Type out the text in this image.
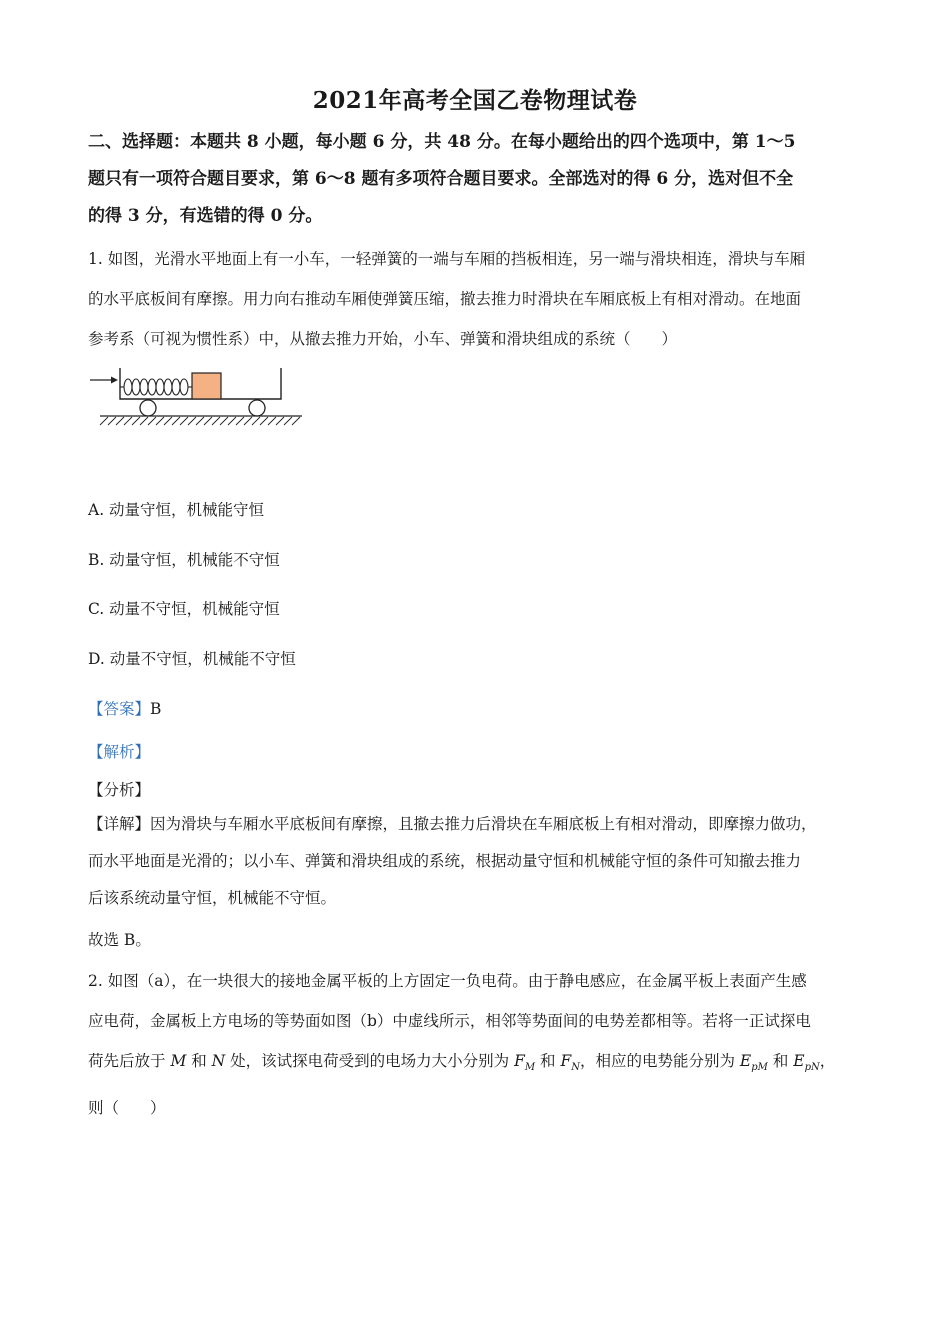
2021年高考全国乙卷物理试卷
二、选择题：本题共 8 小题，每小题 6 分，共 48 分。在每小题给出的四个选项中，第 1～5
题只有一项符合题目要求，第 6～8 题有多项符合题目要求。全部选对的得 6 分，选对但不全
的得 3 分，有选错的得 0 分。
1. 如图，光滑水平地面上有一小车，一轻弹簧的一端与车厢的挡板相连，另一端与滑块相连，滑块与车厢
的水平底板间有摩擦。用力向右推动车厢使弹簧压缩，撤去推力时滑块在车厢底板上有相对滑动。在地面
参考系（可视为惯性系）中，从撤去推力开始，小车、弹簧和滑块组成的系统（　　）
A. 动量守恒，机械能守恒
B. 动量守恒，机械能不守恒
C. 动量不守恒，机械能守恒
D. 动量不守恒，机械能不守恒
【答案】B
【解析】
【分析】
【详解】因为滑块与车厢水平底板间有摩擦，且撤去推力后滑块在车厢底板上有相对滑动，即摩擦力做功，
而水平地面是光滑的；以小车、弹簧和滑块组成的系统，根据动量守恒和机械能守恒的条件可知撤去推力
后该系统动量守恒，机械能不守恒。
故选 B。
2. 如图（a），在一块很大的接地金属平板的上方固定一负电荷。由于静电感应，在金属平板上表面产生感
应电荷，金属板上方电场的等势面如图（b）中虚线所示，相邻等势面间的电势差都相等。若将一正试探电
荷先后放于 M 和 N 处，该试探电荷受到的电场力大小分别为 $F_M$ 和 $F_N$，相应的电势能分别为 $E_{pM}$ 和 $E_{pN}$，
则（　　）
